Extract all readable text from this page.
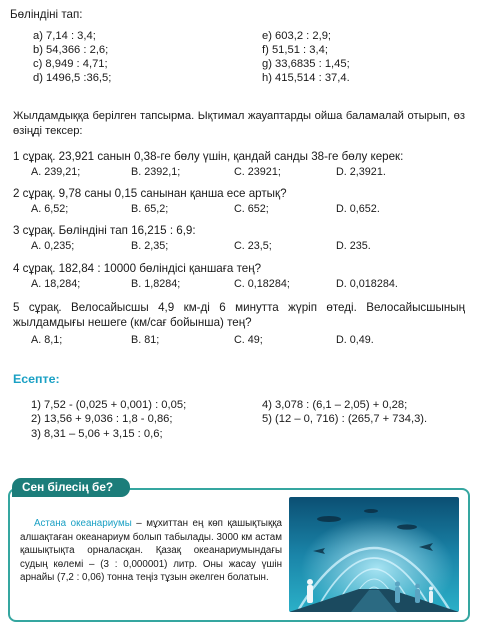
Бөліндіні тап:
a) 7,14 : 3,4;
b) 54,366 : 2,6;
c) 8,949 : 4,71;
d) 1496,5 :36,5;
e) 603,2 : 2,9;
f) 51,51 : 3,4;
g) 33,6835 : 1,45;
h) 415,514 : 37,4.
Жылдамдыққа берілген тапсырма. Ықтимал жауаптарды ойша баламалай отырып, өз өзіңді тексер:
1 сұрақ. 23,921 санын 0,38-ге бөлу үшін, қандай санды 38-ге бөлу керек:
A. 239,21;	B. 2392,1;	C. 23921;	D. 2,3921.
2 сұрақ. 9,78 саны 0,15 санынан қанша есе артық?
A. 6,52;	B. 65,2;	C. 652;	D. 0,652.
3 сұрақ. Бөліндіні тап 16,215 : 6,9:
A. 0,235;	B. 2,35;	C. 23,5;	D. 235.
4 сұрақ. 182,84 : 10000 бөліндісі қаншаға тең?
A. 18,284;	B. 1,8284;	C. 0,18284;	D. 0,018284.
5 сұрақ. Велосайысшы 4,9 км-ді 6 минутта жүріп өтеді. Велосайысшының жылдамдығы нешеге (км/сағ бойынша) тең?
A. 8,1;	B. 81;	C. 49;	D. 0,49.
Есепте:
1) 7,52 - (0,025 + 0,001) : 0,05;
2) 13,56 + 9,036 : 1,8 - 0,86;
3) 8,31 – 5,06 + 3,15 : 0,6;
4) 3,078 : (6,1 – 2,05) + 0,28;
5) (12 – 0, 716) : (265,7 + 734,3).
Сен білесің бе?
Астана океанариумы – мұхиттан ең көп қашықтыққа алшақтаған океанариум болып табылады. 3000 км астам қашықтықта орналасқан. Қазақ океанариумындағы судың көлемі – (3 : 0,000001) литр. Оны жасау үшін арнайы (7,2 : 0,06) тонна теңіз тұзын әкелген болатын.
